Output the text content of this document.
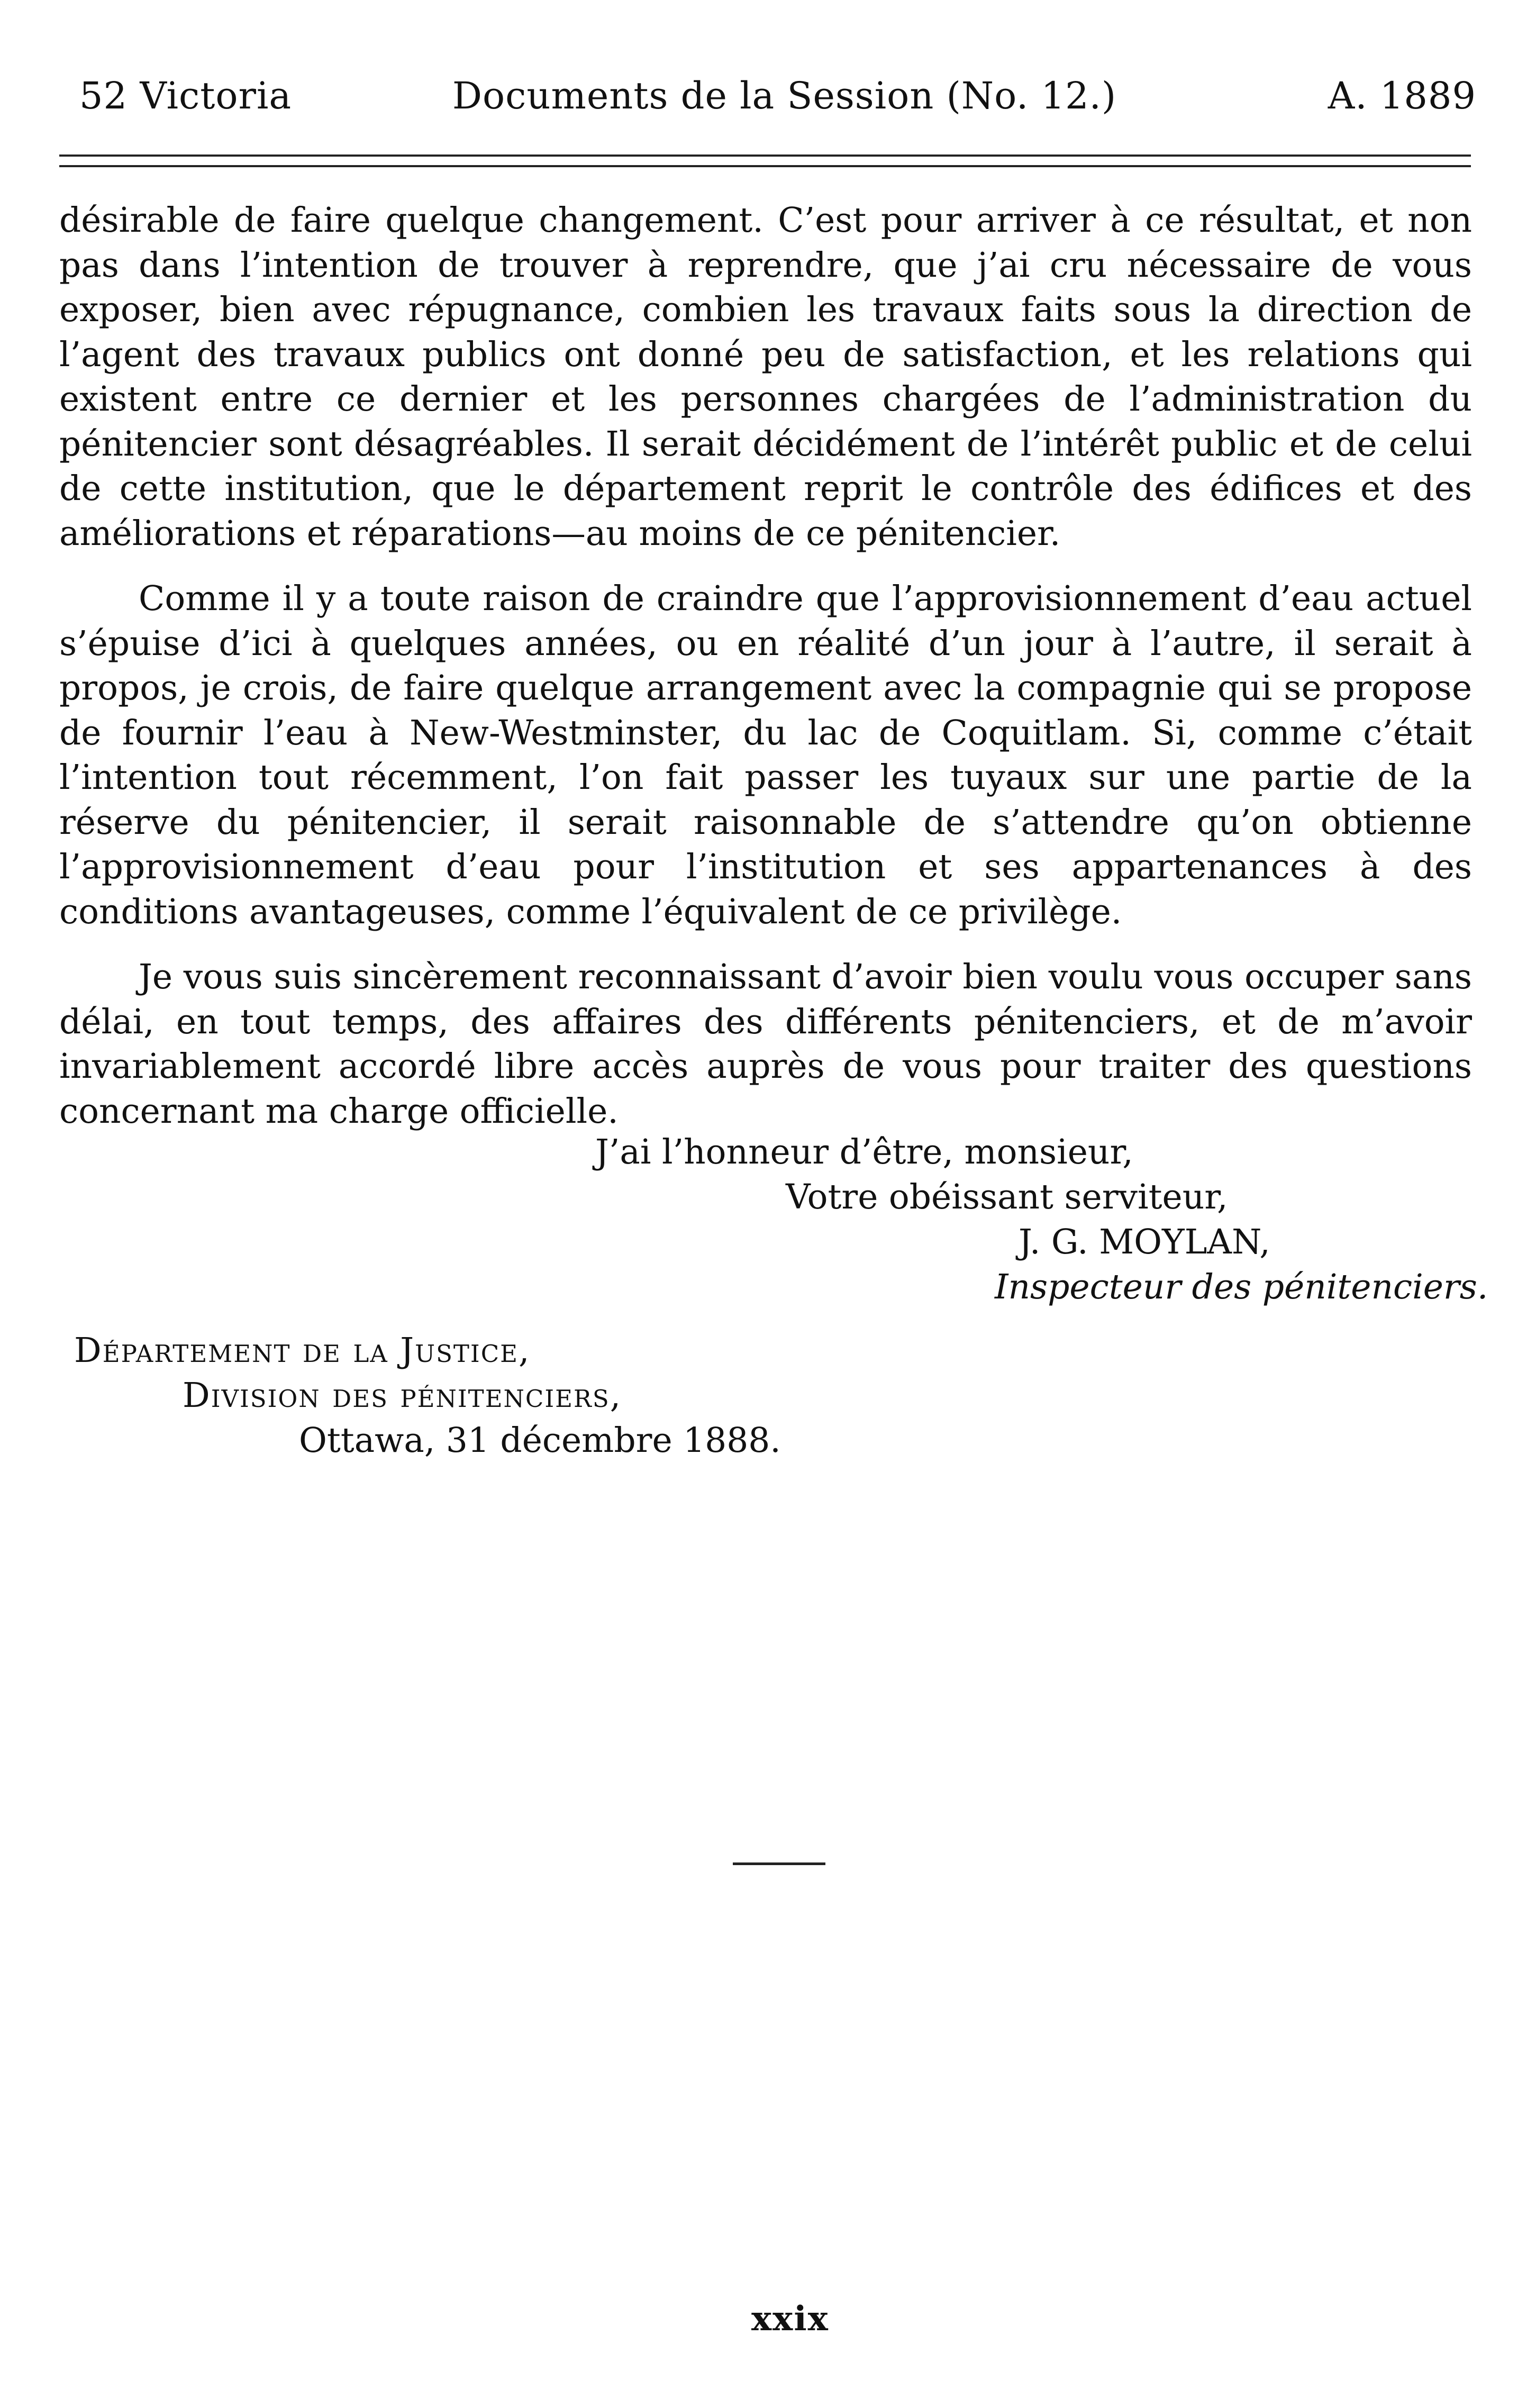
52 Victoria	Documents de la Session (No. 12.)	A. 1889

désirable de faire quelque changement. C’est pour arriver à ce résultat, et non pas dans l’intention de trouver à reprendre, que j’ai cru nécessaire de vous exposer, bien avec répugnance, combien les travaux faits sous la direction de l’agent des travaux publics ont donné peu de satisfaction, et les relations qui existent entre ce dernier et les personnes chargées de l’administration du pénitencier sont désagréables. Il serait décidément de l’intérêt public et de celui de cette institution, que le département reprit le contrôle des édifices et des améliorations et réparations—au moins de ce pénitencier.

Comme il y a toute raison de craindre que l’approvisionnement d’eau actuel s’épuise d’ici à quelques années, ou en réalité d’un jour à l’autre, il serait à propos, je crois, de faire quelque arrangement avec la compagnie qui se propose de fournir l’eau à New-Westminster, du lac de Coquitlam. Si, comme c’était l’intention tout récemment, l’on fait passer les tuyaux sur une partie de la réserve du pénitencier, il serait raisonnable de s’attendre qu’on obtienne l’approvisionnement d’eau pour l’institution et ses appartenances à des conditions avantageuses, comme l’équivalent de ce privilège.

Je vous suis sincèrement reconnaissant d’avoir bien voulu vous occuper sans délai, en tout temps, des affaires des différents pénitenciers, et de m’avoir invariablement accordé libre accès auprès de vous pour traiter des questions concernant ma charge officielle.

J’ai l’honneur d’être, monsieur,
Votre obéissant serviteur,
J. G. MOYLAN,
Inspecteur des pénitenciers.
Département de la Justice,
Division des pénitenciers,
Ottawa, 31 décembre 1888.
xxix
